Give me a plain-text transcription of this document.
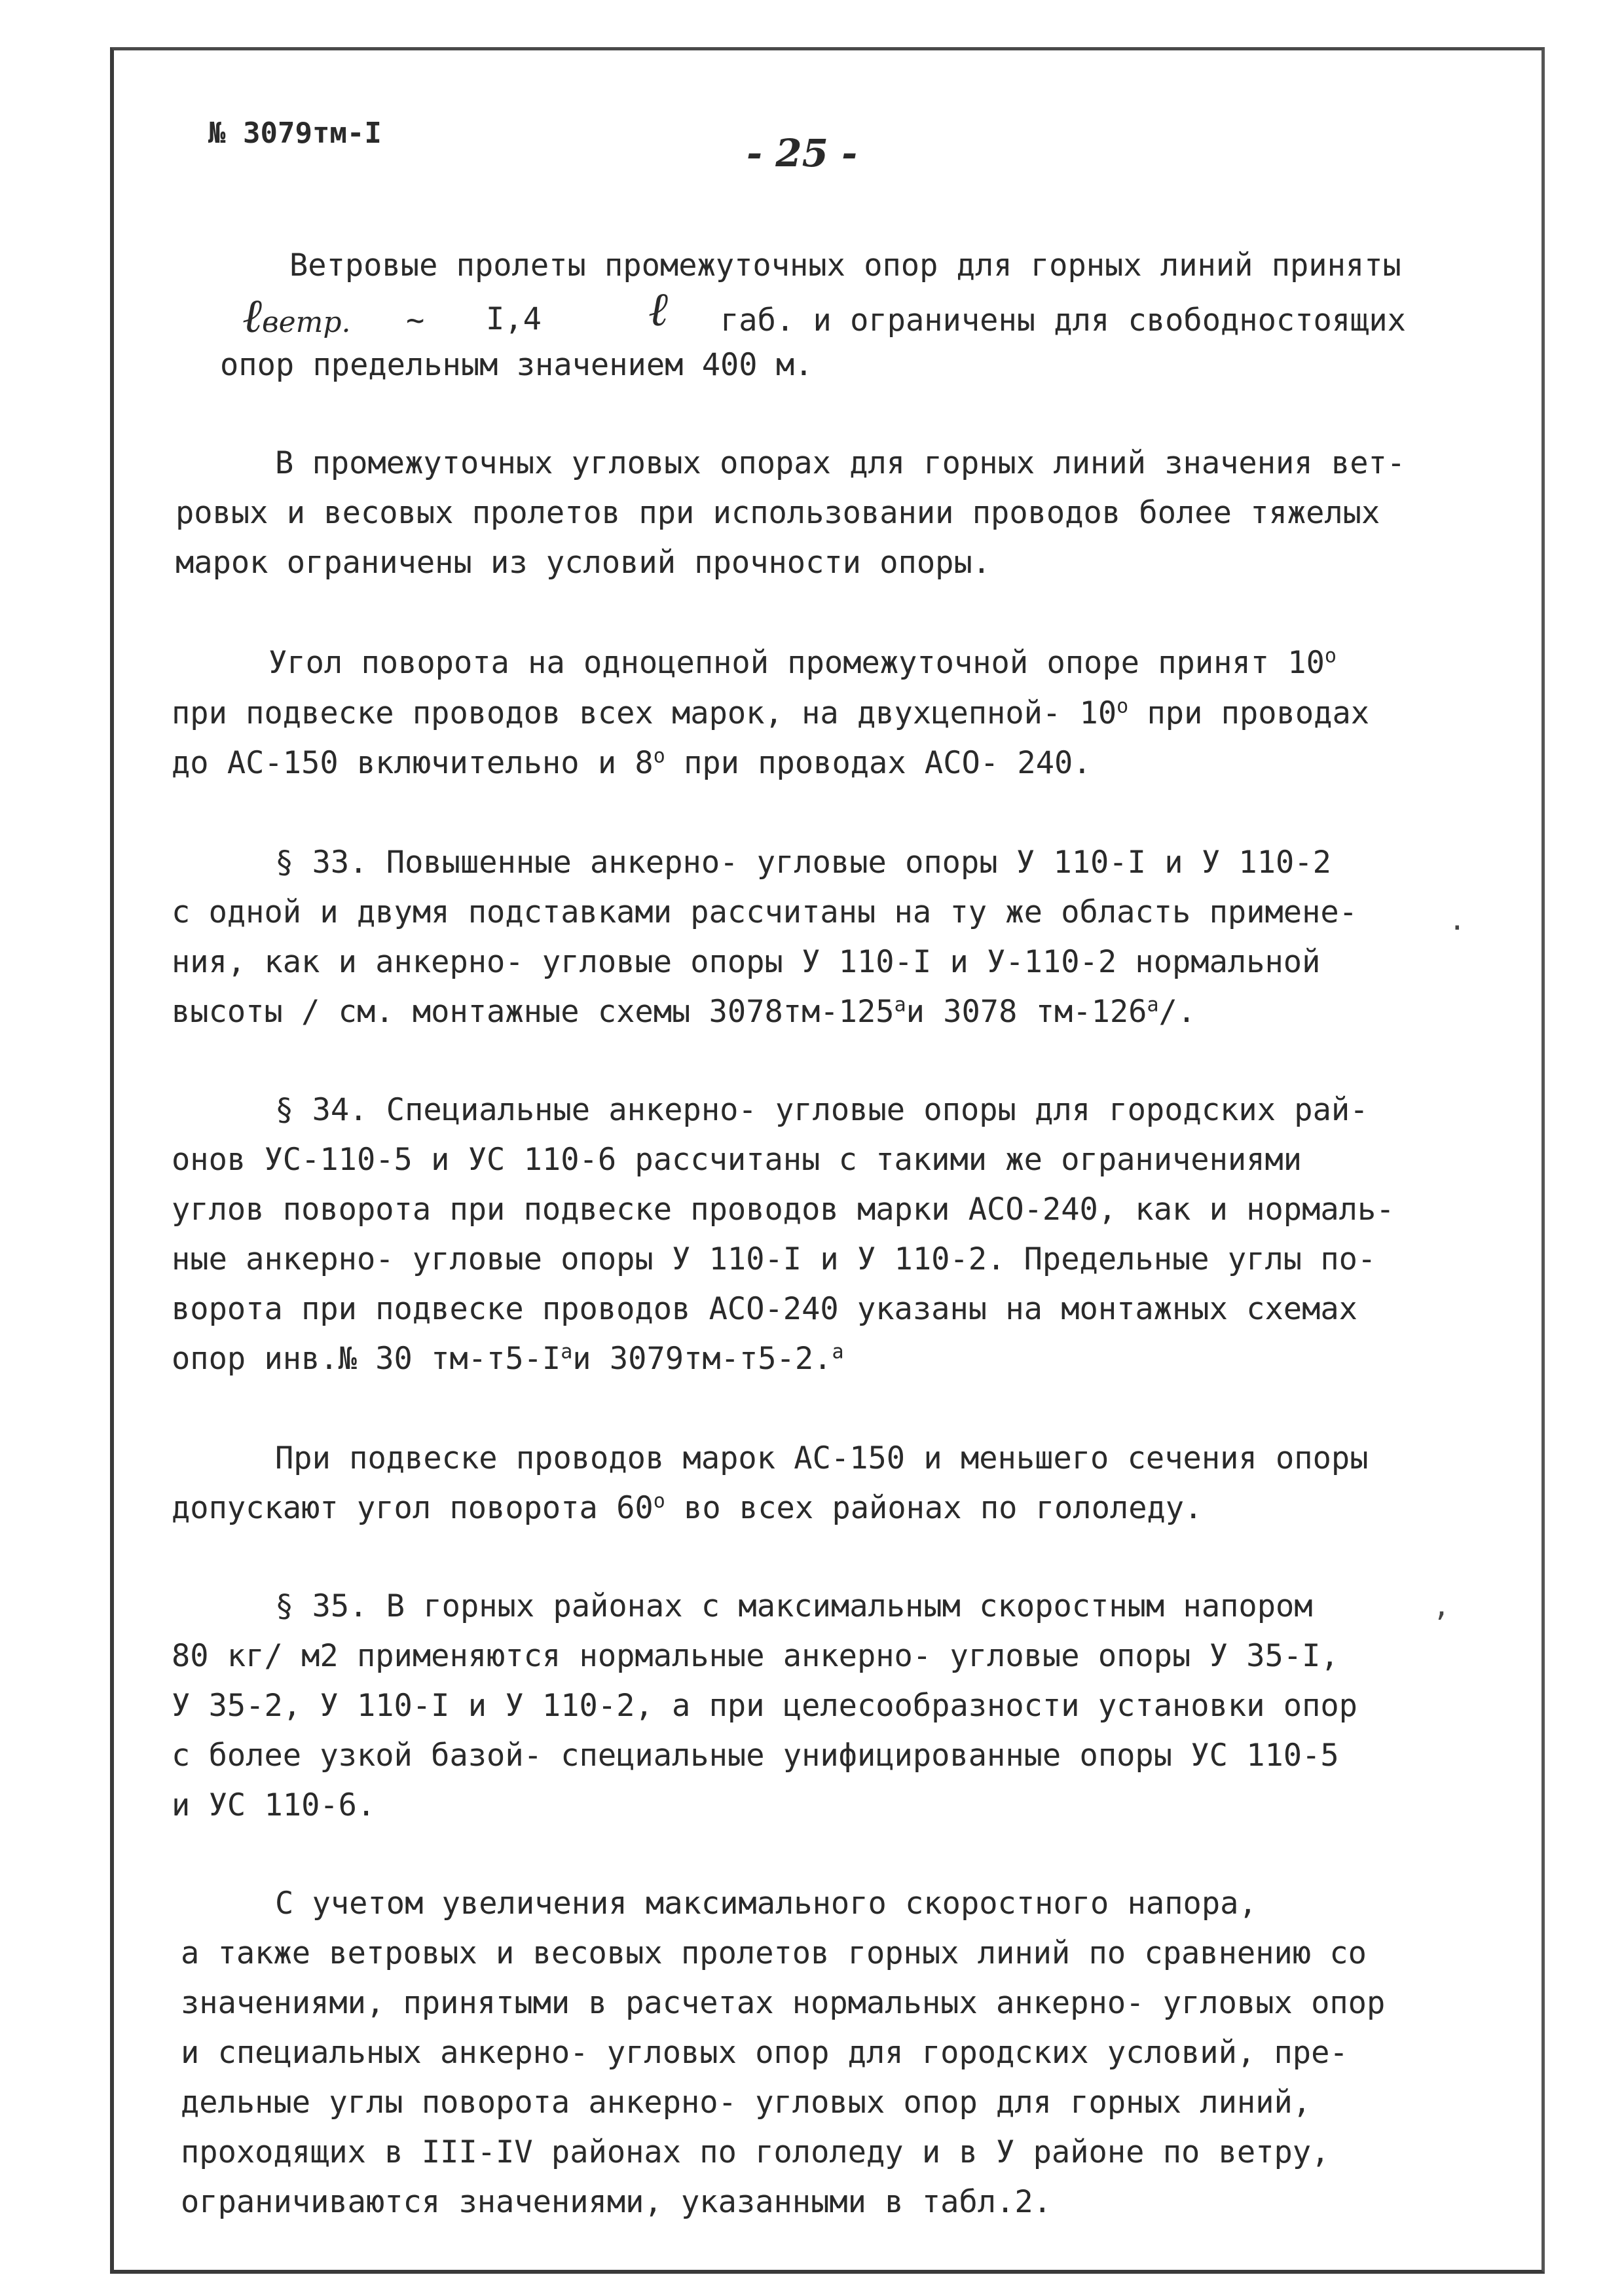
№ 3079тм-I	- 25 -
Ветровые пролеты промежуточных опор для горных линий приняты
ℓветр. ~ I,4 ℓ габ. и ограничены для свободностоящих
опор предельным значением 400 м.
В промежуточных угловых опорах для горных линий значения вет-
ровых и весовых пролетов при использовании проводов более тяжелых
марок ограничены из условий прочности опоры.
Угол поворота на одноцепной промежуточной опоре принят $10^о$
при подвеске проводов всех марок, на двухцепной- $10^о$ при проводах
до АС-150 включительно и $8^о$ при проводах АСО- 240.
§ 33. Повышенные анкерно- угловые опоры У 110-I и У 110-2
с одной и двумя подставками рассчитаны на ту же область примене-
ния, как и анкерно- угловые опоры У 110-I и У-110-2 нормальной
высоты / см. монтажные схемы $3078тм-125^аи$ 3078 $тм-126^а/$.
§ 34. Специальные анкерно- угловые опоры для городских рай-
онов УС-110-5 и УС 110-6 рассчитаны с такими же ограничениями
углов поворота при подвеске проводов марки АСО-240, как и нормаль-
ные анкерно- угловые опоры У 110-I и У 110-2. Предельные углы по-
ворота при подвеске проводов АСО-240 указаны на монтажных схемах
опор инв.№ 30 $тм-т5-I^аи$ 3079тм-т5-2.$^а$
При подвеске проводов марок АС-150 и меньшего сечения опоры
допускают угол поворота $60^о$ во всех районах по гололеду.
§ 35. В горных районах с максимальным скоростным напором
80 кг/ м2 применяются нормальные анкерно- угловые опоры У 35-I,
У 35-2, У 110-I и У 110-2, а при целесообразности установки опор
с более узкой базой- специальные унифицированные опоры УС 110-5
и УС 110-6.
С учетом увеличения максимального скоростного напора,
а также ветровых и весовых пролетов горных линий по сравнению со
значениями, принятыми в расчетах нормальных анкерно- угловых опор
и специальных анкерно- угловых опор для городских условий, пре-
дельные углы поворота анкерно- угловых опор для горных линий,
проходящих в III-IV районах по гололеду и в У районе по ветру,
ограничиваются значениями, указанными в табл.2.
,
.
